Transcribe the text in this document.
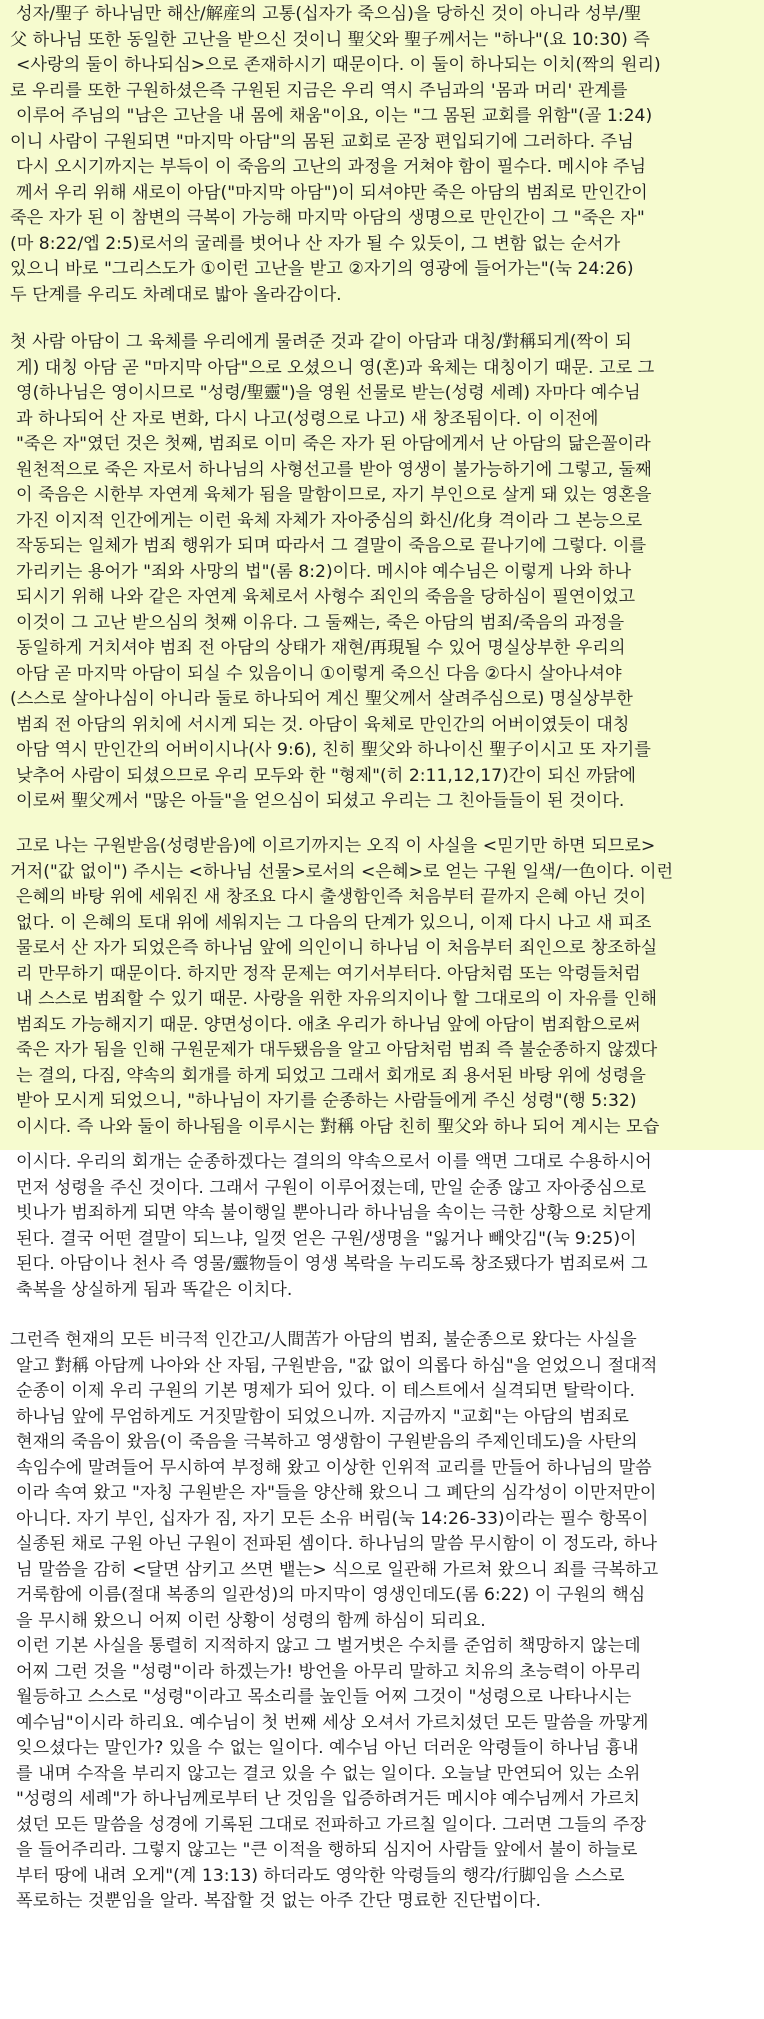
성자/聖子 하나님만 해산/解産의 고통(십자가 죽으심)을 당하신 것이 아니라 성부/聖
父 하나님 또한 동일한 고난을 받으신 것이니 聖父와 聖子께서는 "하나"(요 10:30) 즉
<사랑의 둘이 하나되심>으로 존재하시기 때문이다. 이 둘이 하나되는 이치(짝의 원리)
로 우리를 또한 구원하셨은즉 구원된 지금은 우리 역시 주님과의 '몸과 머리' 관계를
이루어 주님의 "남은 고난을 내 몸에 채움"이요, 이는 "그 몸된 교회를 위함"(골 1:24)
이니 사람이 구원되면 "마지막 아담"의 몸된 교회로 곧장 편입되기에 그러하다. 주님
다시 오시기까지는 부득이 이 죽음의 고난의 과정을 거쳐야 함이 필수다. 메시야 주님
께서 우리 위해 새로이 아담("마지막 아담")이 되셔야만 죽은 아담의 범죄로 만인간이
죽은 자가 된 이 참변의 극복이 가능해 마지막 아담의 생명으로 만인간이 그 "죽은 자"
(마 8:22/엡 2:5)로서의 굴레를 벗어나 산 자가 될 수 있듯이, 그 변함 없는 순서가
있으니 바로 "그리스도가 ①이런 고난을 받고 ②자기의 영광에 들어가는"(눅 24:26)
두 단계를 우리도 차례대로 밟아 올라감이다.
첫 사람 아담이 그 육체를 우리에게 물려준 것과 같이 아담과 대칭/對稱되게(짝이 되
게) 대칭 아담 곧 "마지막 아담"으로 오셨으니 영(혼)과 육체는 대칭이기 때문. 고로 그
영(하나님은 영이시므로 "성령/聖靈")을 영원 선물로 받는(성령 세례) 자마다 예수님
과 하나되어 산 자로 변화, 다시 나고(성령으로 나고) 새 창조됨이다. 이 이전에
"죽은 자"였던 것은 첫째, 범죄로 이미 죽은 자가 된 아담에게서 난 아담의 닮은꼴이라
원천적으로 죽은 자로서 하나님의 사형선고를 받아 영생이 불가능하기에 그렇고, 둘째
이 죽음은 시한부 자연계 육체가 됨을 말함이므로, 자기 부인으로 살게 돼 있는 영혼을
가진 이지적 인간에게는 이런 육체 자체가 자아중심의 화신/化身 격이라 그 본능으로
작동되는 일체가 범죄 행위가 되며 따라서 그 결말이 죽음으로 끝나기에 그렇다. 이를
가리키는 용어가 "죄와 사망의 법"(롬 8:2)이다. 메시야 예수님은 이렇게 나와 하나
되시기 위해 나와 같은 자연계 육체로서 사형수 죄인의 죽음을 당하심이 필연이었고
이것이 그 고난 받으심의 첫째 이유다. 그 둘째는, 죽은 아담의 범죄/죽음의 과정을
동일하게 거치셔야 범죄 전 아담의 상태가 재현/再現될 수 있어 명실상부한 우리의
아담 곧 마지막 아담이 되실 수 있음이니 ①이렇게 죽으신 다음 ②다시 살아나셔야
(스스로 살아나심이 아니라 둘로 하나되어 계신 聖父께서 살려주심으로) 명실상부한
범죄 전 아담의 위치에 서시게 되는 것. 아담이 육체로 만인간의 어버이였듯이 대칭
아담 역시 만인간의 어버이시나(사 9:6), 친히 聖父와 하나이신 聖子이시고 또 자기를
낮추어 사람이 되셨으므로 우리 모두와 한 "형제"(히 2:11,12,17)간이 되신 까닭에
이로써 聖父께서 "많은 아들"을 얻으심이 되셨고 우리는 그 친아들들이 된 것이다.
고로 나는 구원받음(성령받음)에 이르기까지는 오직 이 사실을 <믿기만 하면 되므로>
거저("값 없이") 주시는 <하나님 선물>로서의 <은혜>로 얻는 구원 일색/一色이다. 이런
은혜의 바탕 위에 세워진 새 창조요 다시 출생함인즉 처음부터 끝까지 은혜 아닌 것이
없다. 이 은혜의 토대 위에 세워지는 그 다음의 단계가 있으니, 이제 다시 나고 새 피조
물로서 산 자가 되었은즉 하나님 앞에 의인이니 하나님 이 처음부터 죄인으로 창조하실
리 만무하기 때문이다. 하지만 정작 문제는 여기서부터다. 아담처럼 또는 악령들처럼
내 스스로 범죄할 수 있기 때문. 사랑을 위한 자유의지이나 할 그대로의 이 자유를 인해
범죄도 가능해지기 때문. 양면성이다. 애초 우리가 하나님 앞에 아담이 범죄함으로써
죽은 자가 됨을 인해 구원문제가 대두됐음을 알고 아담처럼 범죄 즉 불순종하지 않겠다
는 결의, 다짐, 약속의 회개를 하게 되었고 그래서 회개로 죄 용서된 바탕 위에 성령을
받아 모시게 되었으니, "하나님이 자기를 순종하는 사람들에게 주신 성령"(행 5:32)
이시다. 즉 나와 둘이 하나됨을 이루시는 對稱 아담 친히 聖父와 하나 되어 계시는 모습
이시다. 우리의 회개는 순종하겠다는 결의의 약속으로서 이를 액면 그대로 수용하시어
먼저 성령을 주신 것이다. 그래서 구원이 이루어졌는데, 만일 순종 않고 자아중심으로
빗나가 범죄하게 되면 약속 불이행일 뿐아니라 하나님을 속이는 극한 상황으로 치닫게
된다. 결국 어떤 결말이 되느냐, 일껏 얻은 구원/생명을 "잃거나 빼앗김"(눅 9:25)이
된다. 아담이나 천사 즉 영물/靈物들이 영생 복락을 누리도록 창조됐다가 범죄로써 그
축복을 상실하게 됨과 똑같은 이치다.
그런즉 현재의 모든 비극적 인간고/人間苦가 아담의 범죄, 불순종으로 왔다는 사실을
알고 對稱 아담께 나아와 산 자됨, 구원받음, "값 없이 의롭다 하심"을 얻었으니 절대적
순종이 이제 우리 구원의 기본 명제가 되어 있다. 이 테스트에서 실격되면 탈락이다.
하나님 앞에 무엄하게도 거짓말함이 되었으니까. 지금까지 "교회"는 아담의 범죄로
현재의 죽음이 왔음(이 죽음을 극복하고 영생함이 구원받음의 주제인데도)을 사탄의
속임수에 말려들어 무시하여 부정해 왔고 이상한 인위적 교리를 만들어 하나님의 말씀
이라 속여 왔고 "자칭 구원받은 자"들을 양산해 왔으니 그 폐단의 심각성이 이만저만이
아니다. 자기 부인, 십자가 짐, 자기 모든 소유 버림(눅 14:26-33)이라는 필수 항목이
실종된 채로 구원 아닌 구원이 전파된 셈이다. 하나님의 말씀 무시함이 이 정도라, 하나
님 말씀을 감히 <달면 삼키고 쓰면 뱉는> 식으로 일관해 가르쳐 왔으니 죄를 극복하고
거룩함에 이름(절대 복종의 일관성)의 마지막이 영생인데도(롬 6:22) 이 구원의 핵심
을 무시해 왔으니 어찌 이런 상황이 성령의 함께 하심이 되리요.
이런 기본 사실을 통렬히 지적하지 않고 그 벌거벗은 수치를 준엄히 책망하지 않는데
어찌 그런 것을 "성령"이라 하겠는가! 방언을 아무리 말하고 치유의 초능력이 아무리
월등하고 스스로 "성령"이라고 목소리를 높인들 어찌 그것이 "성령으로 나타나시는
예수님"이시라 하리요. 예수님이 첫 번째 세상 오셔서 가르치셨던 모든 말씀을 까맣게
잊으셨다는 말인가? 있을 수 없는 일이다. 예수님 아닌 더러운 악령들이 하나님 흉내
를 내며 수작을 부리지 않고는 결코 있을 수 없는 일이다. 오늘날 만연되어 있는 소위
"성령의 세례"가 하나님께로부터 난 것임을 입증하려거든 메시야 예수님께서 가르치
셨던 모든 말씀을 성경에 기록된 그대로 전파하고 가르칠 일이다. 그러면 그들의 주장
을 들어주리라. 그렇지 않고는 "큰 이적을 행하되 심지어 사람들 앞에서 불이 하늘로
부터 땅에 내려 오게"(계 13:13) 하더라도 영악한 악령들의 행각/行脚임을 스스로
폭로하는 것뿐임을 알라. 복잡할 것 없는 아주 간단 명료한 진단법이다.
